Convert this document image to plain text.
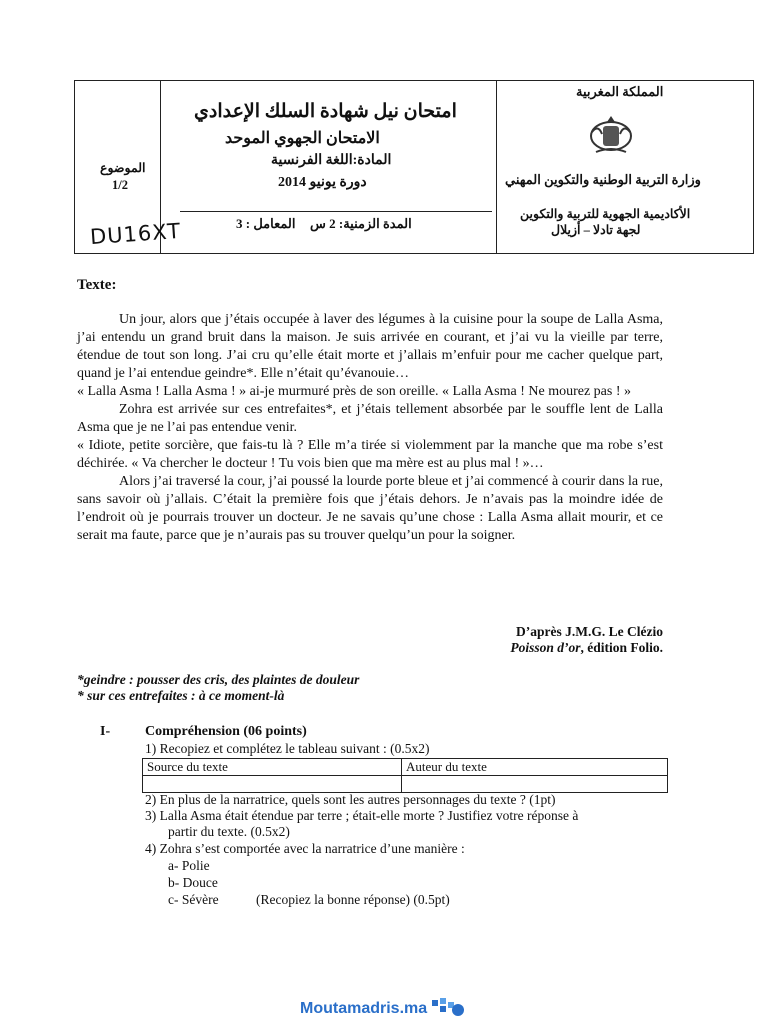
المملكة المغربية
وزارة التربية الوطنية والتكوين المهني
الأكاديمية الجهوية للتربية والتكوين
لجهة تادلا – أزيلال
امتحان نيل شهادة السلك الإعدادي
الامتحان الجهوي الموحد
المادة:اللغة الفرنسية
دورة يونيو 2014
المدة الزمنية: 2 س
المعامل : 3
الموضوع
1/2
DU16XT
Texte:
Un jour, alors que j’étais occupée à laver des légumes à la cuisine pour la soupe de Lalla Asma, j’ai entendu un grand bruit dans la maison. Je suis arrivée en courant, et j’ai vu la vieille par terre, étendue de tout son long. J’ai cru qu’elle était morte et j’allais m’enfuir pour me cacher quelque part, quand je l’ai entendue geindre*. Elle n’était qu’évanouie…
« Lalla Asma ! Lalla Asma ! » ai-je murmuré près de son oreille. « Lalla Asma ! Ne mourez pas ! »
Zohra est arrivée sur ces entrefaites*, et j’étais tellement absorbée par le souffle lent de Lalla Asma que je ne l’ai pas entendue venir.
« Idiote, petite sorcière, que fais-tu là ? Elle m’a tirée si violemment par la manche que ma robe s’est déchirée. « Va chercher le docteur ! Tu vois bien que ma mère est au plus mal ! »…
Alors j’ai traversé la cour, j’ai poussé la lourde porte bleue et j’ai commencé à courir dans la rue, sans savoir où j’allais. C’était la première fois que j’étais dehors. Je n’avais pas la moindre idée de l’endroit où je pourrais trouver un docteur. Je ne savais qu’une chose : Lalla Asma allait mourir, et ce serait ma faute, parce que je n’aurais pas su trouver quelqu’un pour la soigner.
D’après J.M.G. Le Clézio
Poisson d’or, édition Folio.
*geindre : pousser des cris, des plaintes de douleur
* sur ces entrefaites : à ce moment-là
I- Compréhension (06 points)
1) Recopiez et complétez le tableau suivant : (0.5x2)
Source du texte	Auteur du texte

2) En plus de la narratrice, quels sont les autres personnages du texte ? (1pt)
3) Lalla Asma était étendue par terre ; était-elle morte ? Justifiez votre réponse à
partir du texte. (0.5x2)
4) Zohra s’est comportée avec la narratrice d’une manière :
a- Polie
b- Douce
c- Sévère	(Recopiez la bonne réponse) (0.5pt)
Moutamadris.ma
